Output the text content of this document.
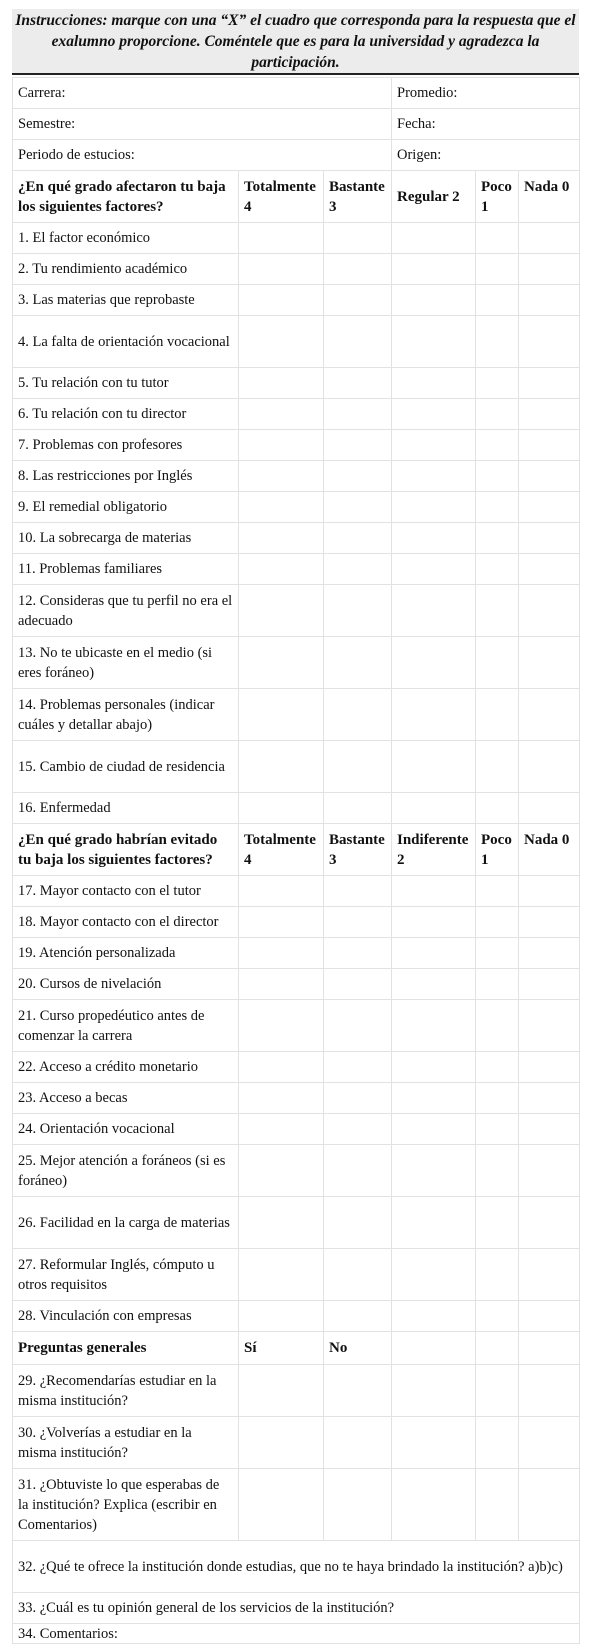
Instrucciones: marque con una “X” el cuadro que corresponda para la respuesta que el exalumno proporcione. Coméntele que es para la universidad y agradezca la participación.
Carrera:			Promedio:		
Semestre:			Fecha:		
Periodo de estucios:			Origen:		
¿En qué grado afectaron tu baja los siguientes factores?	Totalmente 4	Bastante 3	Regular 2	Poco 1	Nada 0
1. El factor económico					
2. Tu rendimiento académico					
3. Las materias que reprobaste					
4. La falta de orientación vocacional					
5. Tu relación con tu tutor					
6. Tu relación con tu director					
7. Problemas con profesores					
8. Las restricciones por Inglés					
9. El remedial obligatorio					
10. La sobrecarga de materias					
11. Problemas familiares					
12. Consideras que tu perfil no era el adecuado					
13. No te ubicaste en el medio (si eres foráneo)					
14. Problemas personales (indicar cuáles y detallar abajo)					
15. Cambio de ciudad de residencia					
16. Enfermedad					
¿En qué grado habrían evitado tu baja los siguientes factores?	Totalmente 4	Bastante 3	Indiferente 2	Poco 1	Nada 0
17. Mayor contacto con el tutor					
18. Mayor contacto con el director					
19. Atención personalizada					
20. Cursos de nivelación					
21. Curso propedéutico antes de comenzar la carrera					
22. Acceso a crédito monetario					
23. Acceso a becas					
24. Orientación vocacional					
25. Mejor atención a foráneos (si es foráneo)					
26. Facilidad en la carga de materias					
27. Reformular Inglés, cómputo u otros requisitos					
28. Vinculación con empresas					
Preguntas generales	Sí	No			
29. ¿Recomendarías estudiar en la misma institución?					
30. ¿Volverías a estudiar en la misma institución?					
31. ¿Obtuviste lo que esperabas de la institución? Explica (escribir en Comentarios)					
32. ¿Qué te ofrece la institución donde estudias, que no te haya brindado la institución? a)b)c)					
33. ¿Cuál es tu opinión general de los servicios de la institución?					
34. Comentarios:					
